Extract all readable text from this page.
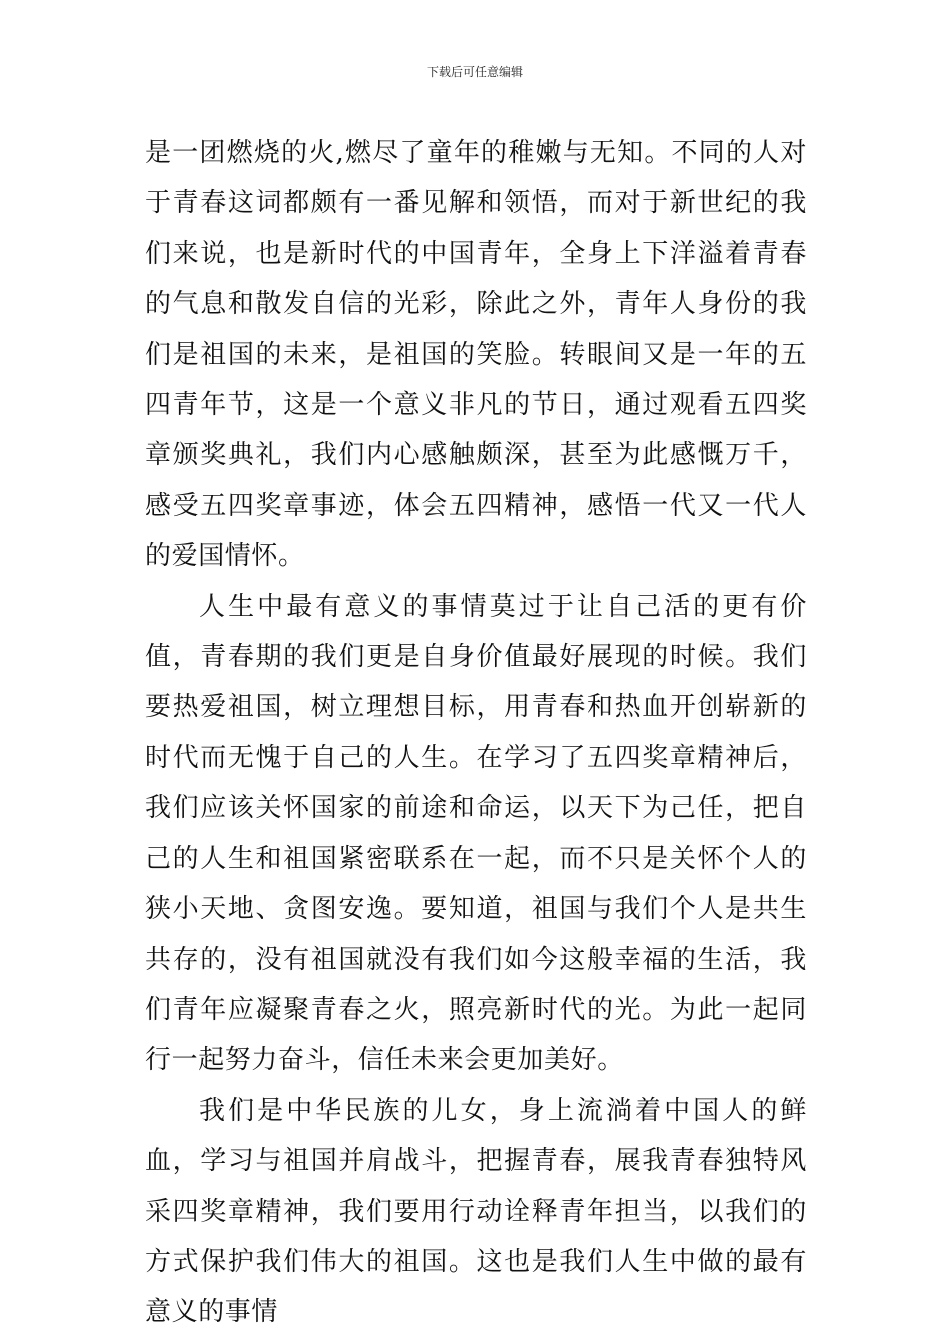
下载后可任意编辑

是一团燃烧的火,燃尽了童年的稚嫩与无知。不同的人对于青春这词都颇有一番见解和领悟，而对于新世纪的我们来说，也是新时代的中国青年，全身上下洋溢着青春的气息和散发自信的光彩，除此之外，青年人身份的我们是祖国的未来，是祖国的笑脸。转眼间又是一年的五四青年节，这是一个意义非凡的节日，通过观看五四奖章颁奖典礼，我们内心感触颇深，甚至为此感慨万千，感受五四奖章事迹，体会五四精神，感悟一代又一代人的爱国情怀。

人生中最有意义的事情莫过于让自己活的更有价值，青春期的我们更是自身价值最好展现的时候。我们要热爱祖国，树立理想目标，用青春和热血开创崭新的时代而无愧于自己的人生。在学习了五四奖章精神后，我们应该关怀国家的前途和命运，以天下为己任，把自己的人生和祖国紧密联系在一起，而不只是关怀个人的狭小天地、贪图安逸。要知道，祖国与我们个人是共生共存的，没有祖国就没有我们如今这般幸福的生活，我们青年应凝聚青春之火，照亮新时代的光。为此一起同行一起努力奋斗，信任未来会更加美好。

我们是中华民族的儿女，身上流淌着中国人的鲜血，学习与祖国并肩战斗，把握青春，展我青春独特风采四奖章精神，我们要用行动诠释青年担当，以我们的方式保护我们伟大的祖国。这也是我们人生中做的最有意义的事情
